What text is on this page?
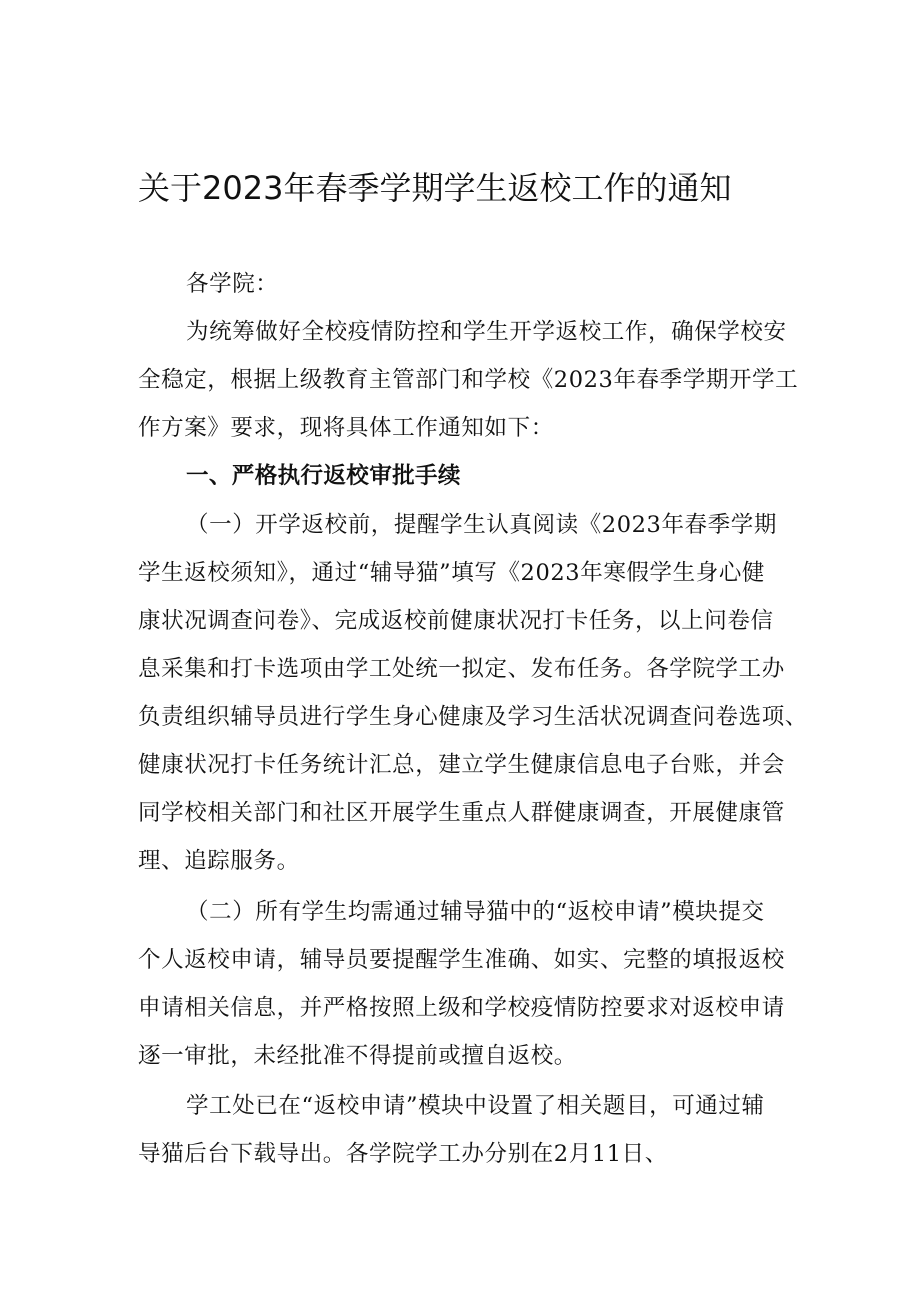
关于2023年春季学期学生返校工作的通知
各学院：
为统筹做好全校疫情防控和学生开学返校工作，确保学校安
全稳定，根据上级教育主管部门和学校《2023年春季学期开学工
作方案》要求，现将具体工作通知如下：
一、严格执行返校审批手续
（一）开学返校前，提醒学生认真阅读《2023年春季学期
学生返校须知》，通过“辅导猫”填写《2023年寒假学生身心健
康状况调查问卷》、完成返校前健康状况打卡任务，以上问卷信
息采集和打卡选项由学工处统一拟定、发布任务。各学院学工办
负责组织辅导员进行学生身心健康及学习生活状况调查问卷选项、
健康状况打卡任务统计汇总，建立学生健康信息电子台账，并会
同学校相关部门和社区开展学生重点人群健康调查，开展健康管
理、追踪服务。
（二）所有学生均需通过辅导猫中的“返校申请”模块提交
个人返校申请，辅导员要提醒学生准确、如实、完整的填报返校
申请相关信息，并严格按照上级和学校疫情防控要求对返校申请
逐一审批，未经批准不得提前或擅自返校。
学工处已在“返校申请”模块中设置了相关题目，可通过辅
导猫后台下载导出。各学院学工办分别在2月11日、
